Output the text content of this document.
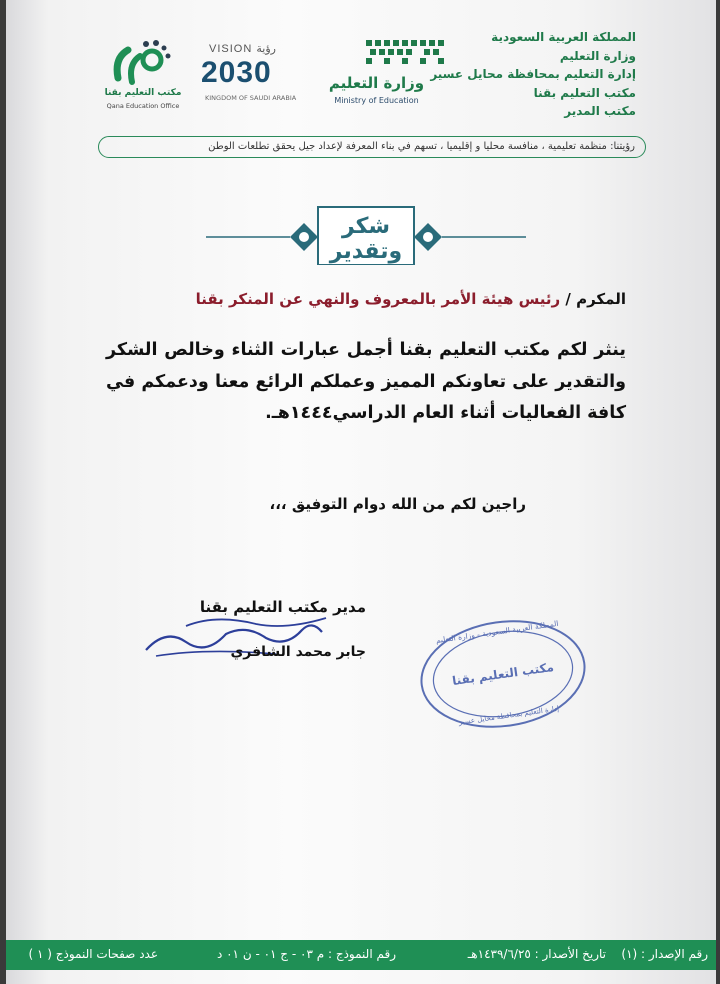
المملكة العربية السعودية
وزارة التعليم
إدارة التعليم بمحافظة محايل عسير
مكتب التعليم بقنا
مكتب المدير
وزارة التعليم
Ministry of Education
VISION رؤية
2030
KINGDOM OF SAUDI ARABIA
مكتب التعليم بقنا
Qana Education Office
رؤيتنا: منظمة تعليمية ، منافسة محليا و إقليميا ، تسهم في بناء المعرفة لإعداد جيل يحقق تطلعات الوطن
شكر
وتقدير
المكرم / رئيس هيئة الأمر بالمعروف والنهي عن المنكر بقنا
ينثر لكم مكتب التعليم بقنا أجمل عبارات الثناء وخالص الشكر والتقدير على تعاونكم المميز وعملكم الرائع معنا ودعمكم في كافة الفعاليات أثناء العام الدراسي١٤٤٤هـ.
راجين لكم من الله دوام التوفيق ،،،
مدير مكتب التعليم بقنا
جابر محمد الشافري
المملكة العربية السعودية - وزارة التعليم
مكتب التعليم بقنا
إدارة التعليم بمحافظة محايل عسير
رقم الإصدار : (١)
تاريخ الأصدار : ١٤٣٩/٦/٢٥هـ
رقم النموذج : م ٠٣ - ج ٠١ - ن ٠١ د
عدد صفحات النموذج ( ١ )
